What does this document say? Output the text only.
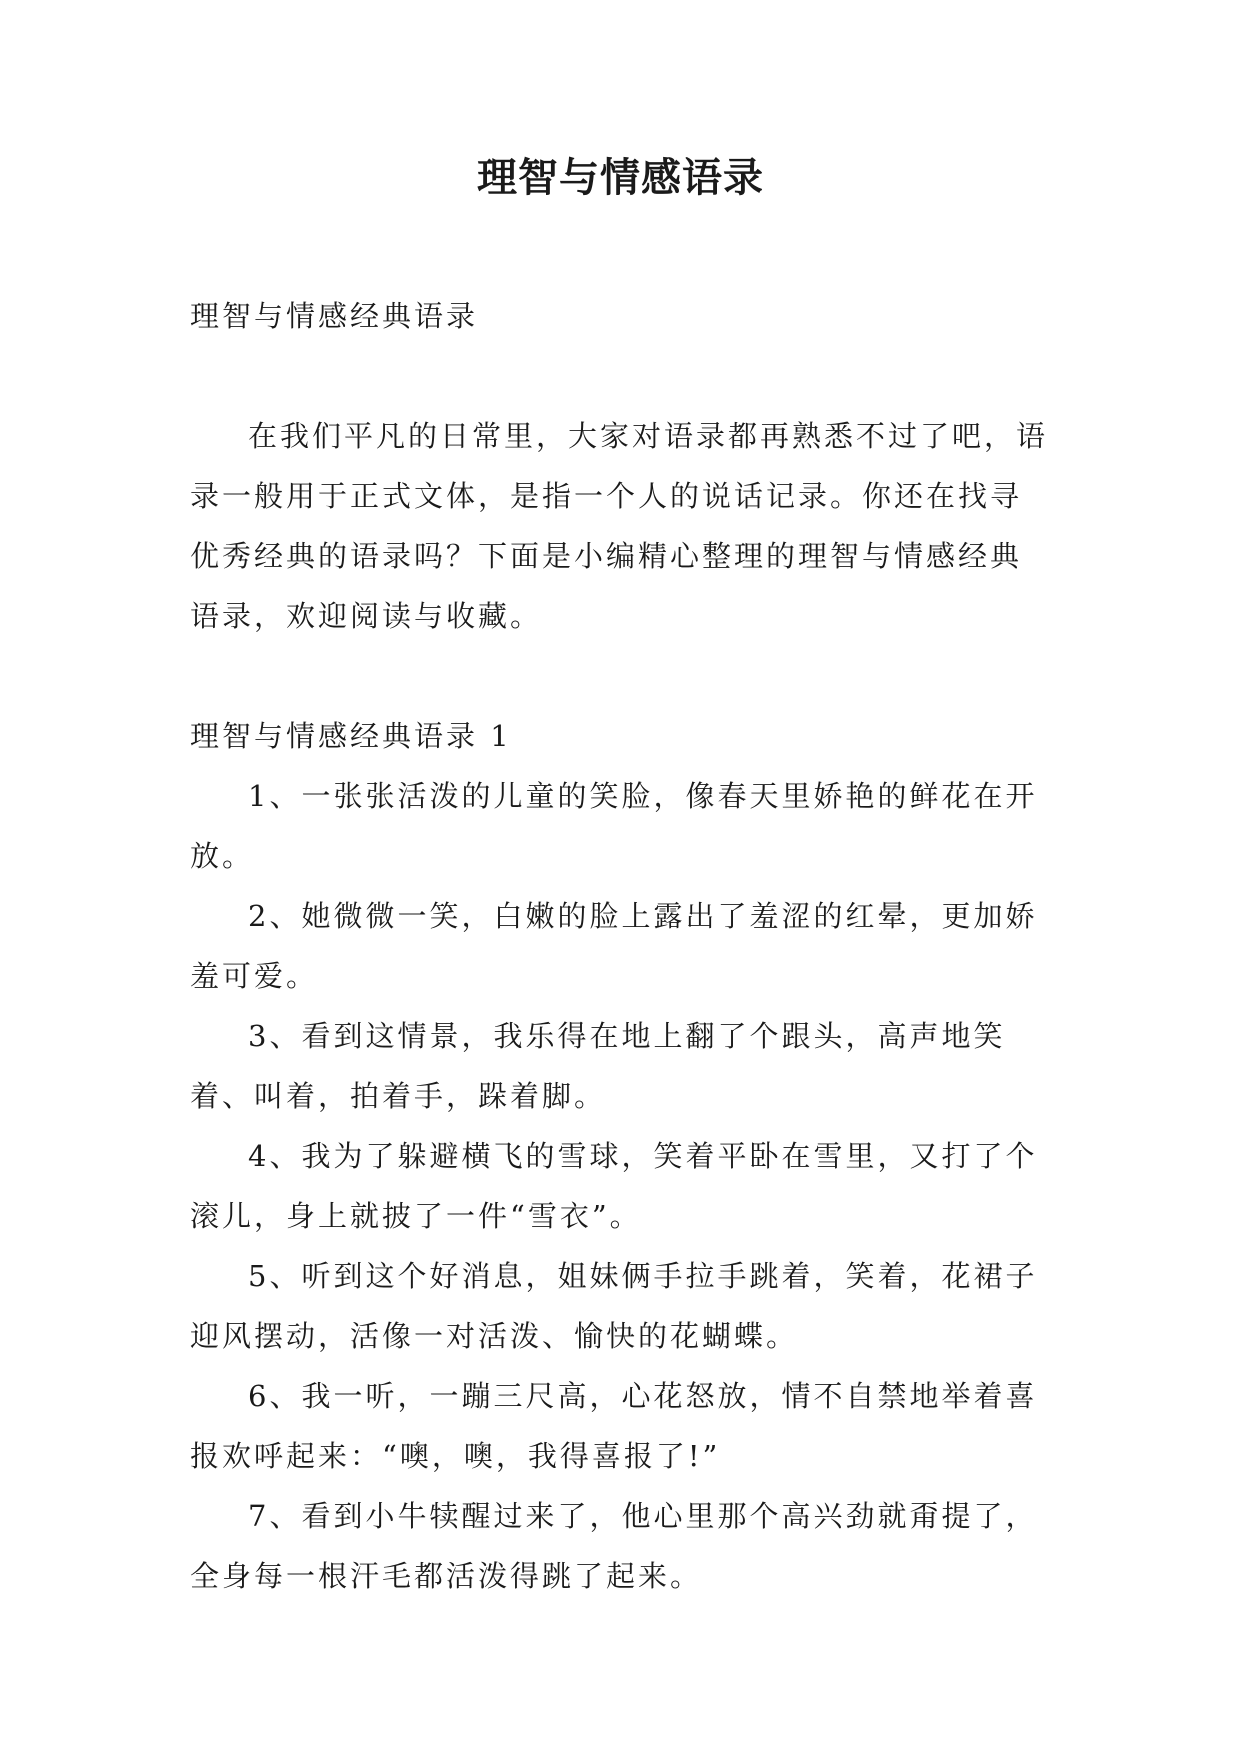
理智与情感语录

理智与情感经典语录

在我们平凡的日常里，大家对语录都再熟悉不过了吧，语录一般用于正式文体，是指一个人的说话记录。你还在找寻优秀经典的语录吗？下面是小编精心整理的理智与情感经典语录，欢迎阅读与收藏。

理智与情感经典语录 1

1、一张张活泼的儿童的笑脸，像春天里娇艳的鲜花在开放。

2、她微微一笑，白嫩的脸上露出了羞涩的红晕，更加娇羞可爱。

3、看到这情景，我乐得在地上翻了个跟头，高声地笑着、叫着，拍着手，跺着脚。

4、我为了躲避横飞的雪球，笑着平卧在雪里，又打了个滚儿，身上就披了一件“雪衣”。

5、听到这个好消息，姐妹俩手拉手跳着，笑着，花裙子迎风摆动，活像一对活泼、愉快的花蝴蝶。

6、我一听，一蹦三尺高，心花怒放，情不自禁地举着喜报欢呼起来：“噢，噢，我得喜报了!”

7、看到小牛犊醒过来了，他心里那个高兴劲就甭提了，全身每一根汗毛都活泼得跳了起来。
